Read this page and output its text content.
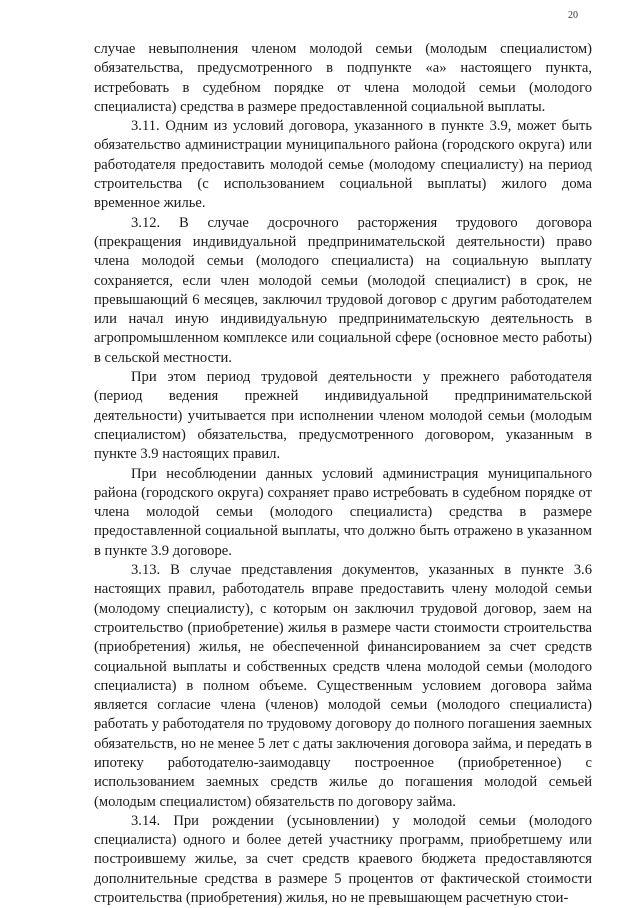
20

случае невыполнения членом молодой семьи (молодым специалистом) обязательства, предусмотренного в подпункте «а» настоящего пункта, истребовать в судебном порядке от члена молодой семьи (молодого специалиста) средства в размере предоставленной социальной выплаты.

3.11. Одним из условий договора, указанного в пункте 3.9, может быть обязательство администрации муниципального района (городского округа) или работодателя предоставить молодой семье (молодому специалисту) на период строительства (с использованием социальной выплаты) жилого дома временное жилье.

3.12. В случае досрочного расторжения трудового договора (прекращения индивидуальной предпринимательской деятельности) право члена молодой семьи (молодого специалиста) на социальную выплату сохраняется, если член молодой семьи (молодой специалист) в срок, не превышающий 6 месяцев, заключил трудовой договор с другим работодателем или начал иную индивидуальную предпринимательскую деятельность в агропромышленном комплексе или социальной сфере (основное место работы) в сельской местности.

При этом период трудовой деятельности у прежнего работодателя (период ведения прежней индивидуальной предпринимательской деятельности) учитывается при исполнении членом молодой семьи (молодым специалистом) обязательства, предусмотренного договором, указанным в пункте 3.9 настоящих правил.

При несоблюдении данных условий администрация муниципального района (городского округа) сохраняет право истребовать в судебном порядке от члена молодой семьи (молодого специалиста) средства в размере предоставленной социальной выплаты, что должно быть отражено в указанном в пункте 3.9 договоре.

3.13. В случае представления документов, указанных в пункте 3.6 настоящих правил, работодатель вправе предоставить члену молодой семьи (молодому специалисту), с которым он заключил трудовой договор, заем на строительство (приобретение) жилья в размере части стоимости строительства (приобретения) жилья, не обеспеченной финансированием за счет средств социальной выплаты и собственных средств члена молодой семьи (молодого специалиста) в полном объеме. Существенным условием договора займа является согласие члена (членов) молодой семьи (молодого специалиста) работать у работодателя по трудовому договору до полного погашения заемных обязательств, но не менее 5 лет с даты заключения договора займа, и передать в ипотеку работодателю-заимодавцу построенное (приобретенное) с использованием заемных средств жилье до погашения молодой семьей (молодым специалистом) обязательств по договору займа.

3.14. При рождении (усыновлении) у молодой семьи (молодого специалиста) одного и более детей участнику программ, приобретшему или построившему жилье, за счет средств краевого бюджета предоставляются дополнительные средства в размере 5 процентов от фактической стоимости строительства (приобретения) жилья, но не превышающем расчетную стои-
